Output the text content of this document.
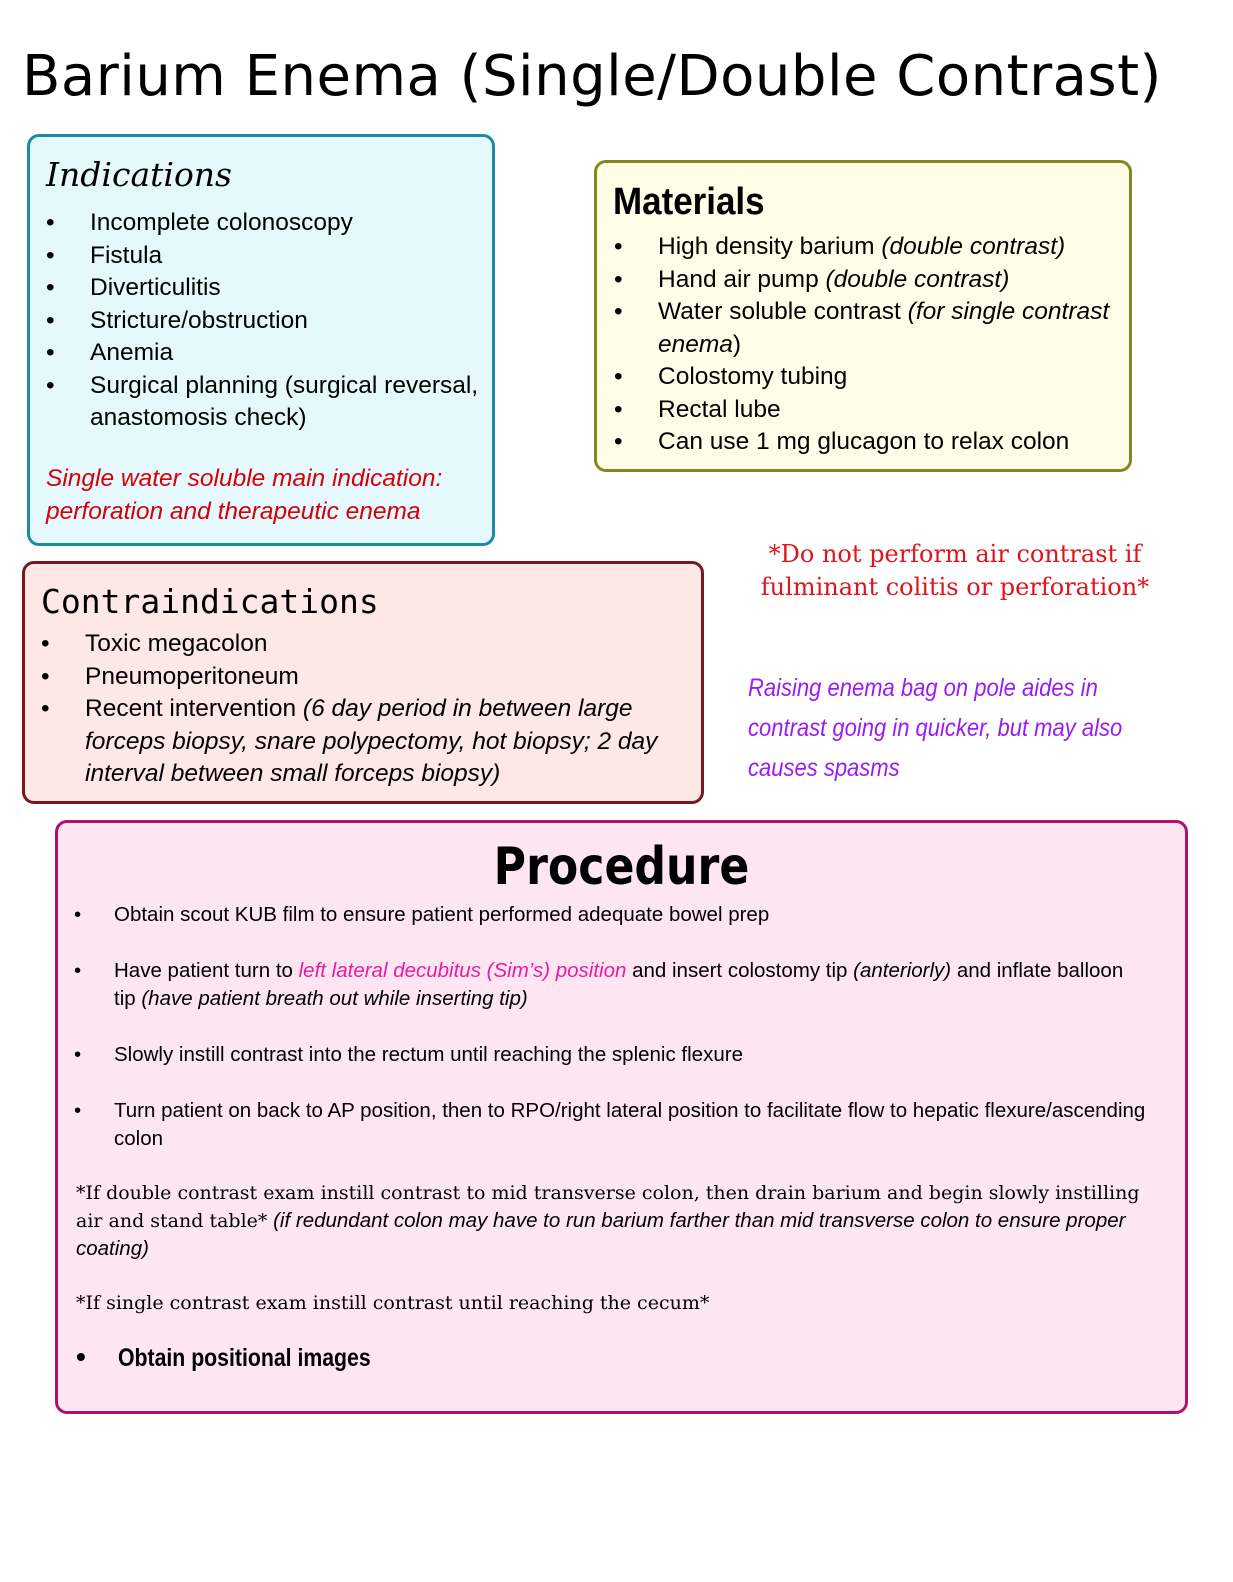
Barium Enema (Single/Double Contrast)
Indications
• Incomplete colonoscopy
• Fistula
• Diverticulitis
• Stricture/obstruction
• Anemia
• Surgical planning (surgical reversal, anastomosis check)
Single water soluble main indication: perforation and therapeutic enema
Materials
• High density barium (double contrast)
• Hand air pump (double contrast)
• Water soluble contrast (for single contrast enema)
• Colostomy tubing
• Rectal lube
• Can use 1 mg glucagon to relax colon
Contraindications
• Toxic megacolon
• Pneumoperitoneum
• Recent intervention (6 day period in between large forceps biopsy, snare polypectomy, hot biopsy; 2 day interval between small forceps biopsy)
*Do not perform air contrast if fulminant colitis or perforation*
Raising enema bag on pole aides in contrast going in quicker, but may also causes spasms
Procedure
• Obtain scout KUB film to ensure patient performed adequate bowel prep
• Have patient turn to left lateral decubitus (Sim’s) position and insert colostomy tip (anteriorly) and inflate balloon tip (have patient breath out while inserting tip)
• Slowly instill contrast into the rectum until reaching the splenic flexure
• Turn patient on back to AP position, then to RPO/right lateral position to facilitate flow to hepatic flexure/ascending colon
*If double contrast exam instill contrast to mid transverse colon, then drain barium and begin slowly instilling air and stand table* (if redundant colon may have to run barium farther than mid transverse colon to ensure proper coating)
*If single contrast exam instill contrast until reaching the cecum*
• Obtain positional images
